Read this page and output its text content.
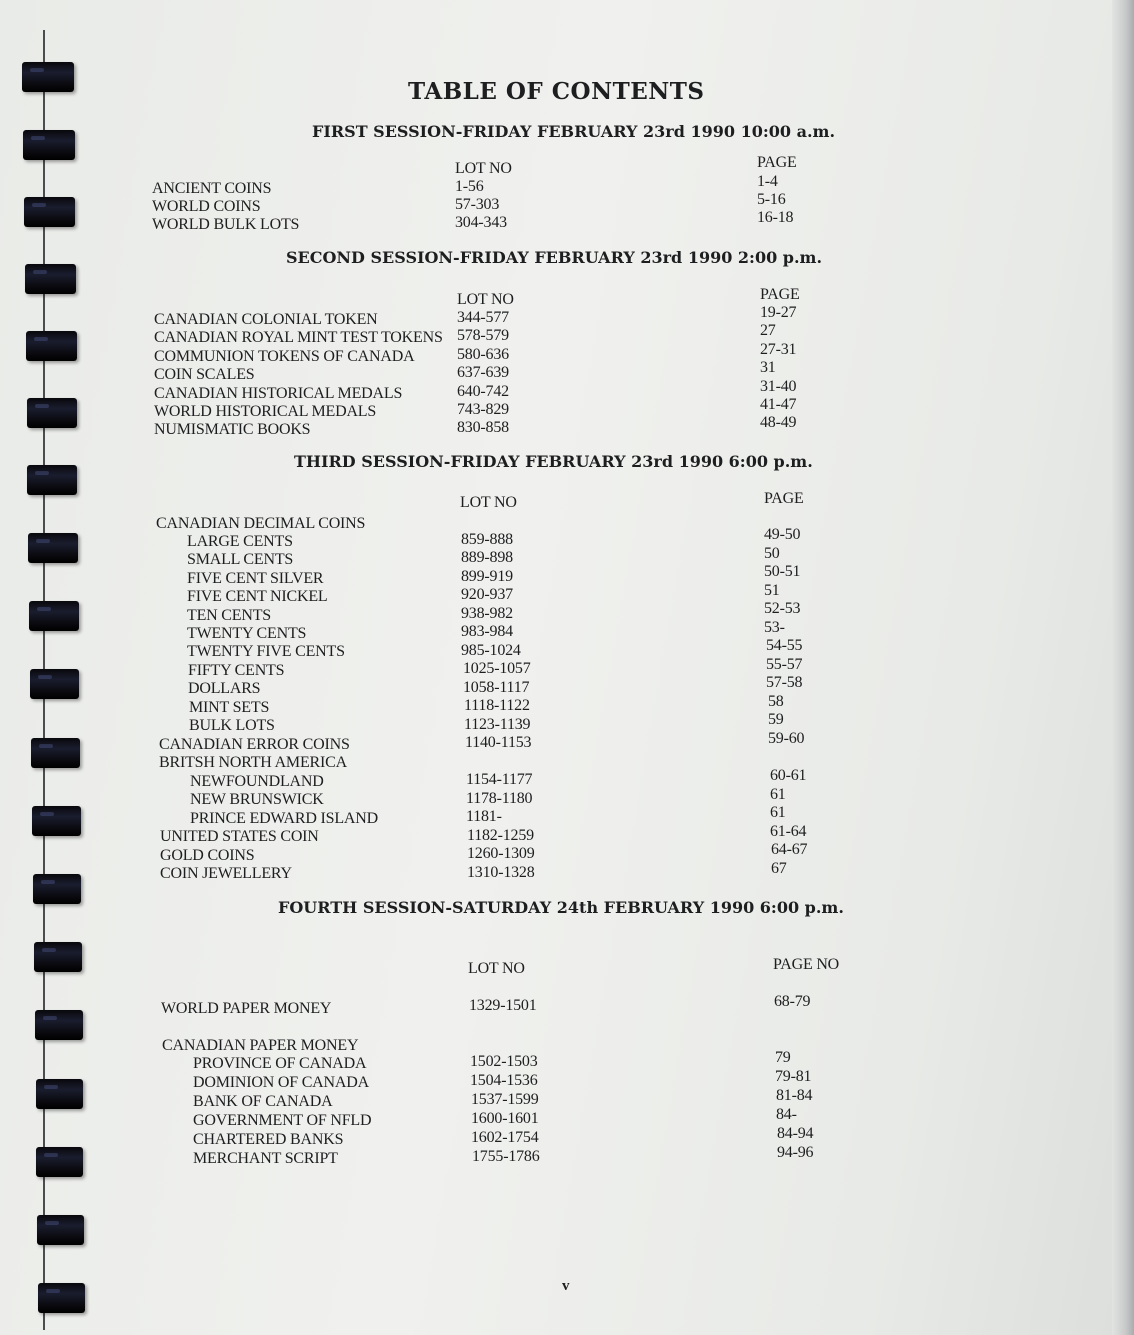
TABLE OF CONTENTS
FIRST SESSION-FRIDAY FEBRUARY 23rd 1990 10:00 a.m.
LOT NO	PAGE
ANCIENT COINS	1-56	1-4
WORLD COINS	57-303	5-16
WORLD BULK LOTS	304-343	16-18
SECOND SESSION-FRIDAY FEBRUARY 23rd 1990 2:00 p.m.
LOT NO	PAGE
CANADIAN COLONIAL TOKEN	344-577	19-27
CANADIAN ROYAL MINT TEST TOKENS 578-579	27
COMMUNION TOKENS OF CANADA	580-636	27-31
COIN SCALES	637-639	31
CANADIAN HISTORICAL MEDALS	640-742	31-40
WORLD HISTORICAL MEDALS	743-829	41-47
NUMISMATIC BOOKS	830-858	48-49
THIRD SESSION-FRIDAY FEBRUARY 23rd 1990 6:00 p.m.
LOT NO	PAGE
CANADIAN DECIMAL COINS
LARGE CENTS	859-888	49-50
SMALL CENTS	889-898	50
FIVE CENT SILVER	899-919	50-51
FIVE CENT NICKEL	920-937	51
TEN CENTS	938-982	52-53
TWENTY CENTS	983-984	53-
TWENTY FIVE CENTS	985-1024	54-55
FIFTY CENTS	1025-1057	55-57
DOLLARS	1058-1117	57-58
MINT SETS	1118-1122	58
BULK LOTS	1123-1139	59
CANADIAN ERROR COINS	1140-1153	59-60
BRITSH NORTH AMERICA
NEWFOUNDLAND	1154-1177	60-61
NEW BRUNSWICK	1178-1180	61
PRINCE EDWARD ISLAND	1181-	61
UNITED STATES COIN	1182-1259	61-64
GOLD COINS	1260-1309	64-67
COIN JEWELLERY	1310-1328	67
FOURTH SESSION-SATURDAY 24th FEBRUARY 1990 6:00 p.m.
LOT NO	PAGE NO
WORLD PAPER MONEY	1329-1501	68-79
CANADIAN PAPER MONEY
PROVINCE OF CANADA	1502-1503	79
DOMINION OF CANADA	1504-1536	79-81
BANK OF CANADA	1537-1599	81-84
GOVERNMENT OF NFLD	1600-1601	84-
CHARTERED BANKS	1602-1754	84-94
MERCHANT SCRIPT	1755-1786	94-96
v
